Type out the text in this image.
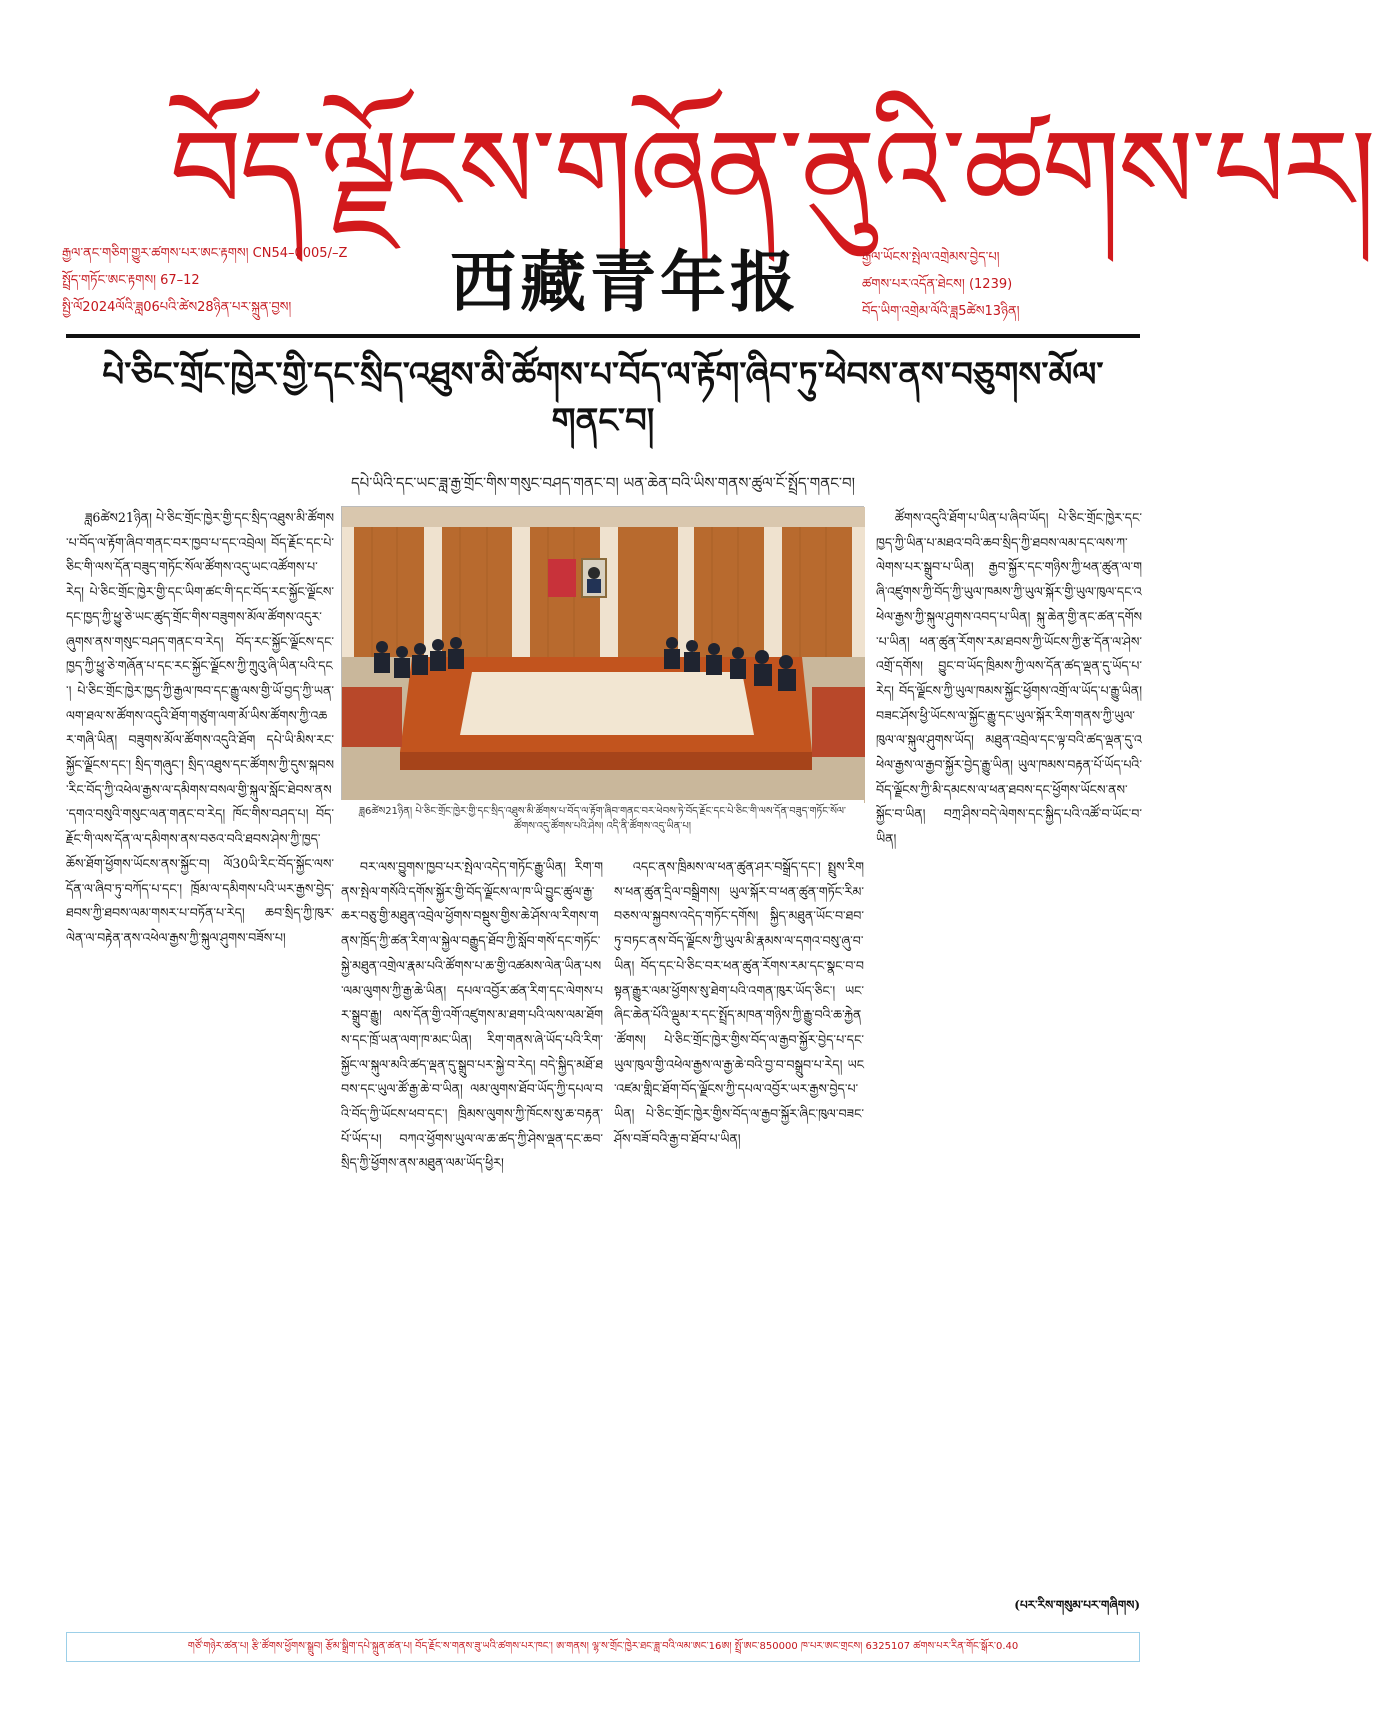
བོད་ལྗོངས་གཞོན་ནུའི་ཚགས་པར།
རྒྱལ་ནང་གཅིག་གྱུར་ཚགས་པར་ཨང་རྟགས། CN54–0005/–Z
སྤྲོད་གཏོང་ཨང་རྟགས། 67–12
སྤྱི་ལོ2024ལོའི་ཟླ06པའི་ཚེས28ཉིན་པར་སྐྲུན་བྱས།	西藏青年报	རྒྱལ་ཡོངས་སྤེལ་འགྲེམས་བྱེད་པ།
ཚགས་པར་འདོན་ཐེངས། (1239)
བོད་ཡིག་འགྲེམ་ལོའི་ཟླ5ཚེས13ཉིན།
པེ་ཅིང་གྲོང་ཁྱེར་གྱི་དང་སྲིད་འཐུས་མི་ཚོགས་པ་བོད་ལ་རྟོག་ཞིབ་ཏུ་ཕེབས་ནས་བཅུགས་མོལ་གནང་བ།
དཔེ་ཡིའི་དང་ཡང་ཟླ་རྒྱ་གྲོང་གིས་གསུང་བཤད་གནང་བ། ཡན་ཆེན་བའི་ཡིས་གནས་ཚུལ་ངོ་སྤྲོད་གནང་བ།

ཟླ6ཚེས21ཉིན། པེ་ཅིང་གྲོང་ཁྱེར་གྱི་དང་སྲིད་འཐུས་མི་ཚོགས་པ་བོད་ལ་རྟོག་ཞིབ་གནང་བར་ཁྱབ་པ་དང་འབྲེལ། བོད་རྗོང་དང་པེ་ཅིང་གི་ལས་དོན་བཟུད་གཏོང་སོལ་ཚོགས་འདུ་ཡང་འཚོགས་པ་རེད། པེ་ཅིང་གྲོང་ཁྱེར་གྱི་དང་ཡིག་ཚང་གི་དང་བོད་རང་སྐྱོང་ལྗོངས་དང་ཁྱད་ཀྱི་ཕྱུ་ཅེ་ཡང་ཚུད་གྲོང་གིས་བཟུགས་མོལ་ཚོགས་འདུར་ཞུགས་ནས་གསུང་བཤད་གནང་བ་རེད། བོད་རང་སྐྱོང་ལྗོངས་དང་ཁྱད་ཀྱི་ཕྱུ་ཅེ་གཞོན་པ་དང་རང་སྐྱོང་ལྗོངས་ཀྱི་ཀྲུའུ་ཞི་ཡིན་པའི་དང་། པེ་ཅིང་གྲོང་ཁྱེར་ཁྱད་ཀྱི་རྒྱལ་ཁབ་དང་རྒྱུ་ལས་གྱི་ཡོ་བྱད་ཀྱི་ཡན་ལག་ཐལ་ས་ཚོགས་འདུའི་ཐོག་གཙུག་ལག་མོ་ཡིས་ཚོགས་ཀྱི་འཆར་གཞི་ཡིན། བཟུགས་མོལ་ཚོགས་འདུའི་ཐོག དཔེ་ཡི་མིས་རང་སྐྱོང་ལྗོངས་དང་། སྲིད་གཞུང་། སྲིད་འཐུས་དང་ཚོགས་ཀྱི་དུས་སྐབས་རིང་བོད་ཀྱི་འཕེལ་རྒྱས་ལ་དམིགས་བསལ་གྱི་སྐུལ་སློང་ཐེབས་ནས་དགའ་བསུའི་གསུང་ལན་གནང་བ་རེད། ཁོང་གིས་བཤད་པ། བོད་རྗོང་གི་ལས་དོན་ལ་དམིགས་ནས་བཅའ་བའི་ཐབས་ཤེས་ཀྱི་ཁྱད་ཆོས་ཐོག་ཕྱོགས་ཡོངས་ནས་སྐྱོང་བ། ལོ30ཡི་རིང་བོད་སྐྱོང་ལས་དོན་ལ་ཞིབ་ཏུ་བཀོད་པ་དང་། ཁྲོམ་ལ་དམིགས་པའི་ཡར་རྒྱས་བྱེད་ཐབས་ཀྱི་ཐབས་ལམ་གསར་པ་བཏོན་པ་རེད། ཆབ་སྲིད་ཀྱི་ཁུར་ལེན་ལ་བརྟེན་ནས་འཕེལ་རྒྱས་ཀྱི་སྐུལ་ཤུགས་བཟོས་པ།

ཟླ6ཚེས21ཉིན། པེ་ཅིང་གྲོང་ཁྱེར་གྱི་དང་སྲིད་འཐུས་མི་ཚོགས་པ་བོད་ལ་རྟོག་ཞིབ་གནང་བར་ཕེབས་ཏེ་བོད་རྗོང་དང་པེ་ཅིང་གི་ལས་དོན་བཟུད་གཏོང་སོལ་ཚོགས་འདུ་ཚོགས་པའི་ཤེས། འདི་ནི་ཚོགས་འདུ་ཡིན་པ།

བར་ལས་བྱུགས་ཁྱབ་པར་སྤེལ་འདེད་གཏོང་རྒྱུ་ཡིན། རིག་གནས་སྤེལ་གསོའི་དགོས་སྐྱོར་གྱི་བོད་ལྗོངས་ལ་ཁ་ཡི་བྱུང་ཚུལ་རྒྱ་ཆར་བཅུ་གྱི་མཐུན་འབྲེལ་ཕྱོགས་བསྡུས་གྱིས་ཆེ་ཤོས་ལ་རིགས་གནས་ཁྲོད་ཀྱི་ཚན་རིག་ལ་སྐྱེལ་བརྒྱུད་ཐོབ་ཀྱི་སློབ་གསོ་དང་གཏོང་སྐྱེ་མཐུན་འགྲེལ་རྣམ་པའི་ཚོགས་པ་ཆ་གྱི་འཚམས་ལེན་ཡིན་པས་ལམ་ལུགས་ཀྱི་རྒྱ་ཆེ་ཡིན། དཔལ་འབྱོར་ཚན་རིག་དང་ལེགས་པར་སྒྲུབ་རྒྱུ། ལས་དོན་གྱི་འགོ་འཛུགས་མ་ཐག་པའི་ལས་ལམ་ཐོགས་དང་ཁྲོ་ཡན་ལག་ཁ་མང་ཡིན། རིག་གནས་ཞེ་ཡོད་པའི་རིག་སྐྱོང་ལ་སྐུལ་མའི་ཚད་ལྡན་དུ་སྒྲུབ་པར་སྐྱེ་བ་རེད། བདེ་སྐྱིད་མཐོ་ཐབས་དང་ཡུལ་ཚོ་རྒྱ་ཆེ་བ་ཡིན། ལམ་ལུགས་ཐོབ་ཡོད་ཀྱི་དཔལ་བའི་བོད་ཀྱི་ཡོངས་ཕབ་དང་། ཁྲིམས་ལུགས་ཀྱི་ཁོངས་སུ་ཆ་བརྟན་པོ་ཡོད་པ། བཀའ་ཕྱོགས་ཡུལ་ལ་ཆ་ཚད་ཀྱི་ཤེས་ལྡན་དང་ཆབ་སྲིད་ཀྱི་ཕྱོགས་ནས་མཐུན་ལམ་ཡོད་ཕྱིར།

འདང་ནས་ཁྲིམས་ལ་ཕན་ཚུན་ཤར་བསྒྲོད་དང་། སྤྲུས་རིགས་ཕན་ཚུན་དྲིལ་བསྒྲིགས། ཡུལ་སྐོར་བ་ཕན་ཚུན་གཏོང་རིམ་བཅས་ལ་སྐྱབས་འདེད་གཏོང་དགོས། སྐྱིད་མཐུན་ཡོང་བ་ཐབ་ཏུ་བཏང་ནས་བོད་ལྗོངས་ཀྱི་ཡུལ་མི་རྣམས་ལ་དགའ་བསུ་ཞུ་བ་ཡིན། བོད་དང་པེ་ཅིང་བར་ཕན་ཚུན་རོགས་རམ་དང་སྣང་བ་བསྟན་རྒྱུར་ལམ་ཕྱོགས་སུ་ཐེག་པའི་འགན་ཁུར་ཡོད་ཅིང་། ཡང་ཞིང་ཆེན་པོའི་ལྡུམ་ར་དང་སྤྲོད་མཁན་གཉིས་ཀྱི་རྒྱུ་བའི་ཆ་རྐྱེན་ཚོགས། པེ་ཅིང་གྲོང་ཁྱེར་གྱིས་བོད་ལ་རྒྱབ་སྐྱོར་བྱེད་པ་དང་ཡུལ་ཁུལ་གྱི་འཕེལ་རྒྱས་ལ་རྒྱ་ཆེ་བའི་བྱ་བ་བསྒྲུབ་པ་རེད། ཡང་འཛམ་གླིང་ཐོག་བོད་ལྗོངས་ཀྱི་དཔལ་འབྱོར་ཡར་རྒྱས་བྱེད་པ་ཡིན། པེ་ཅིང་གྲོང་ཁྱེར་གྱིས་བོད་ལ་རྒྱབ་སྐྱོར་ཞིང་ཁུལ་བཟང་ཤོས་བཟོ་བའི་རྒྱ་བ་ཐོབ་པ་ཡིན།

ཚོགས་འདུའི་ཐོག་པ་ཡིན་པ་ཞིབ་ཡོད། པེ་ཅིང་གྲོང་ཁྱེར་དང་ཁྱད་ཀྱི་ཡིན་པ་མཐའ་བའི་ཆབ་སྲིད་ཀྱི་ཐབས་ལམ་དང་ལས་ཀ་ལེགས་པར་སྒྲུབ་པ་ཡིན། རྒྱབ་སྐྱོར་དང་གཉིས་ཀྱི་ཕན་ཚུན་ལ་གཞི་འཛུགས་ཀྱི་བོད་ཀྱི་ཡུལ་ཁམས་ཀྱི་ཡུལ་སྐོར་གྱི་ཡུལ་ཁུལ་དང་འཕེལ་རྒྱས་ཀྱི་སྐུལ་ཤུགས་འབད་པ་ཡིན། སྐུ་ཆེན་གྱི་ནང་ཚན་དགོས་པ་ཡིན། ཕན་ཚུན་རོགས་རམ་ཐབས་ཀྱི་ཡོངས་ཀྱི་རྩ་དོན་ལ་ཤེས་འགྲོ་དགོས། བྱུང་བ་ཡོད་ཁྲིམས་ཀྱི་ལས་དོན་ཚད་ལྡན་དུ་ཡོད་པ་རེད། བོད་ལྗོངས་ཀྱི་ཡུལ་ཁམས་སྐྱོང་ཕྱོགས་འགྲོ་ལ་ཡོད་པ་རྒྱུ་ཡིན། བཟང་ཤོས་ཕྱི་ཡོངས་ལ་སྐྱོང་རྒྱུ་དང་ཡུལ་སྐོར་རིག་གནས་ཀྱི་ཡུལ་ཁུལ་ལ་སྐུལ་ཤུགས་ཡོད། མཐུན་འབྲེལ་དང་ལྟ་བའི་ཚད་ལྡན་དུ་འཕེལ་རྒྱས་ལ་རྒྱབ་སྐྱོར་བྱེད་རྒྱུ་ཡིན། ཡུལ་ཁམས་བརྟན་པོ་ཡོད་པའི་བོད་ལྗོངས་ཀྱི་མི་དམངས་ལ་ཕན་ཐབས་དང་ཕྱོགས་ཡོངས་ནས་སྐྱོང་བ་ཡིན། བཀྲ་ཤིས་བདེ་ལེགས་དང་སྐྱིད་པའི་འཚོ་བ་ཡོང་བ་ཡིན།

(པར་རིས་གསུམ་པར་གཞིགས)
གཙོ་གཉེར་ཚན་པ། རྩི་ཚོགས་ཕྱོགས་སྒྲུབ། རྩོམ་སྒྲིག་དཔེ་སྐྲུན་ཚན་པ། བོད་རྗོང་ས་གནས་ཟུ་ཡའི་ཚགས་པར་ཁང་། ཨ་གནས། ལྷ་ས་གྲོང་ཁྱེར་ཐང་ཟླ་བའི་ལམ་ཨང་16ཨ། སྤྲོ་ཨང་850000 ཁ་པར་ཨང་གྲངས། 6325107 ཚགས་པར་རིན་གོང་སྒོར་0.40
